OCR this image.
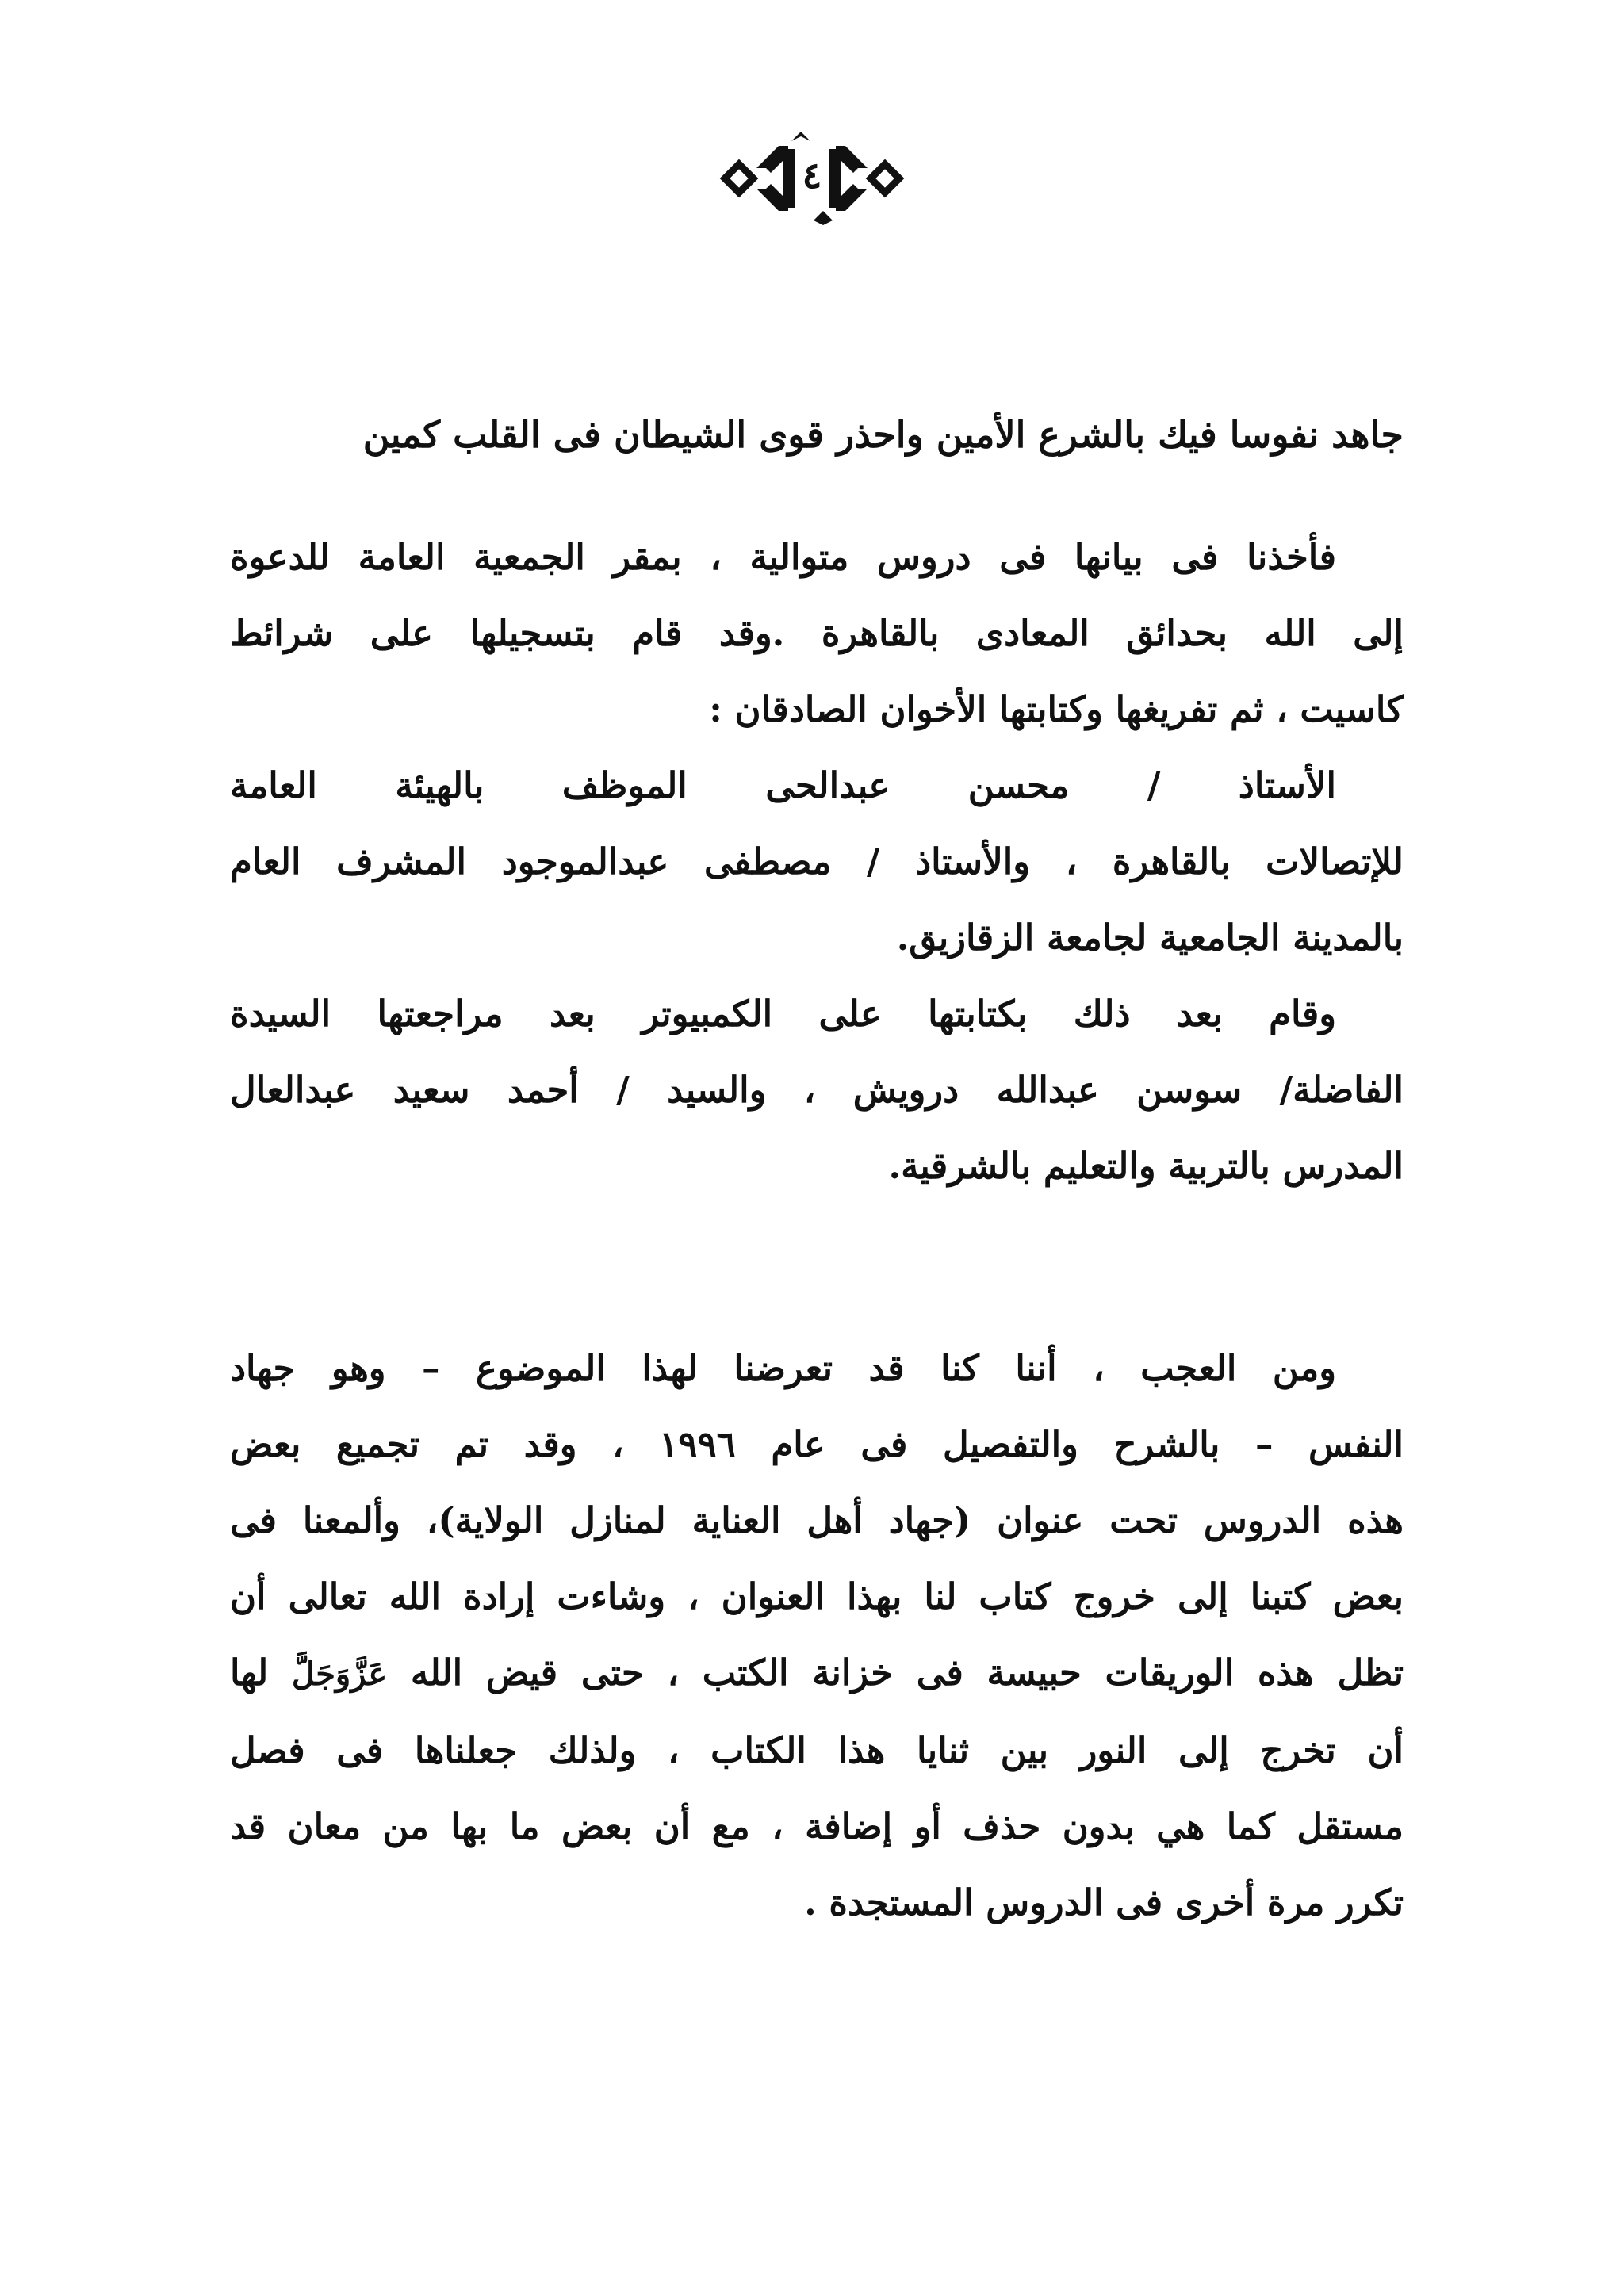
٤
جاهد نفوسا فيك بالشرع الأمين واحذر قوى الشيطان فى القلب كمين
فأخذنا فى بيانها فى دروس متوالية ، بمقر الجمعية العامة للدعوة
إلى الله بحدائق المعادى بالقاهرة .وقد قام بتسجيلها على شرائط
كاسيت ، ثم تفريغها وكتابتها الأخوان الصادقان :
الأستاذ / محسن عبدالحى الموظف بالهيئة العامة
للإتصالات بالقاهرة ، والأستاذ / مصطفى عبدالموجود المشرف العام
بالمدينة الجامعية لجامعة الزقازيق.
وقام بعد ذلك بكتابتها على الكمبيوتر بعد مراجعتها السيدة
الفاضلة/ سوسن عبدالله درويش ، والسيد / أحمد سعيد عبدالعال
المدرس بالتربية والتعليم بالشرقية.
ومن العجب ، أننا كنا قد تعرضنا لهذا الموضوع – وهو جهاد
النفس – بالشرح والتفصيل فى عام ١٩٩٦ ، وقد تم تجميع بعض
هذه الدروس تحت عنوان (جهاد أهل العناية لمنازل الولاية)، وألمعنا فى
بعض كتبنا إلى خروج كتاب لنا بهذا العنوان ، وشاءت إرادة الله تعالى أن
تظل هذه الوريقات حبيسة فى خزانة الكتب ، حتى قيض الله عَزَّوَجَلَّ لها
أن تخرج إلى النور بين ثنايا هذا الكتاب ، ولذلك جعلناها فى فصل
مستقل كما هي بدون حذف أو إضافة ، مع أن بعض ما بها من معان قد
تكرر مرة أخرى فى الدروس المستجدة .
